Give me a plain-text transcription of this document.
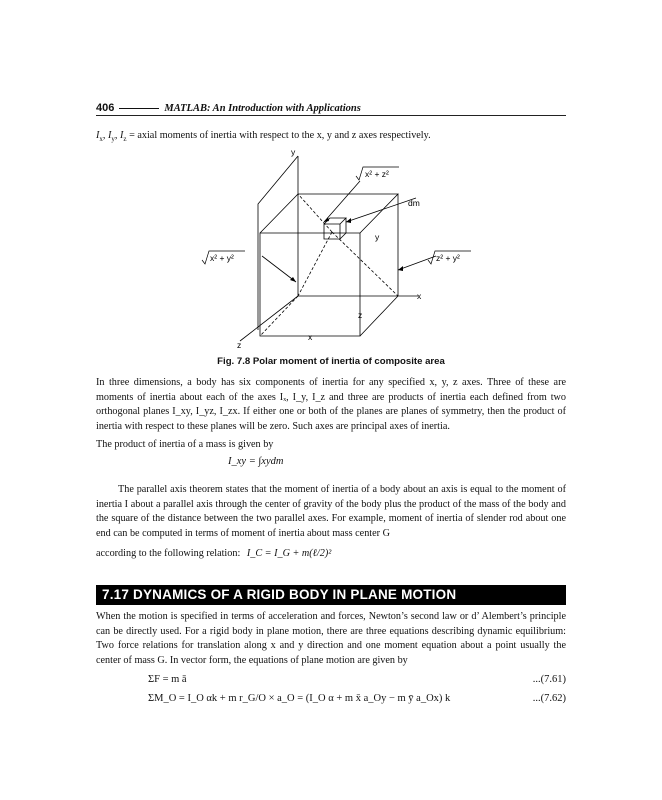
406	MATLAB: An Introduction with Applications
$I_x$, $I_y$, $I_z$ = axial moments of inertia with respect to the x, y and z axes respectively.
y
x
z
dm
y
z
x
x² + z²
x² + y²	z² + y²
Fig. 7.8 Polar moment of inertia of composite area
In three dimensions, a body has six components of inertia for any specified x, y, z axes. Three of these are moments of inertia about each of the axes Iₓ, I_y, I_z and three are products of inertia each defined from two orthogonal planes I_xy, I_yz, I_zx. If either one or both of the planes are planes of symmetry, then the product of inertia with respect to these planes will be zero. Such axes are principal axes of inertia.
The product of inertia of a mass is given by
I_xy = ∫xydm
The parallel axis theorem states that the moment of inertia of a body about an axis is equal to the moment of inertia I about a parallel axis through the center of gravity of the body plus the product of the mass of the body and the square of the distance between the two parallel axes. For example, moment of inertia of slender rod about one end can be computed in terms of moment of inertia about mass center G
according to the following relation: I_C = I_G + m(ℓ/2)²
7.17 DYNAMICS OF A RIGID BODY IN PLANE MOTION
When the motion is specified in terms of acceleration and forces, Newton’s second law or d’ Alembert’s principle can be directly used. For a rigid body in plane motion, there are three equations describing dynamic equilibrium: Two force relations for translation along x and y direction and one moment equation about a point usually the center of mass G. In vector form, the equations of plane motion are given by
ΣF = m ā	...(7.61)
ΣM_O = I_O αk + m r_G/O × a_O = (I_O α + m x̄ a_Oy − m ȳ a_Ox) k	...(7.62)
